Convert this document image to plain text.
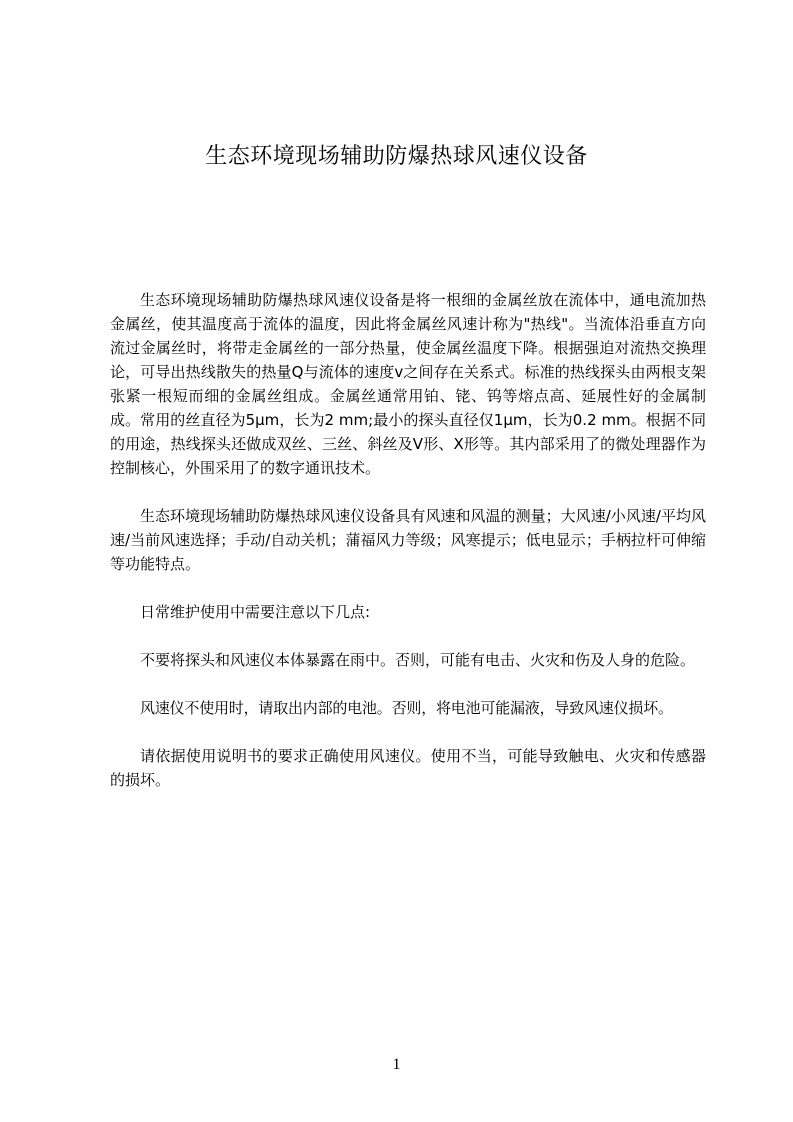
生态环境现场辅助防爆热球风速仪设备

生态环境现场辅助防爆热球风速仪设备是将一根细的金属丝放在流体中，通电流加热金属丝，使其温度高于流体的温度，因此将金属丝风速计称为"热线"。当流体沿垂直方向流过金属丝时，将带走金属丝的一部分热量，使金属丝温度下降。根据强迫对流热交换理论，可导出热线散失的热量Q与流体的速度v之间存在关系式。标准的热线探头由两根支架张紧一根短而细的金属丝组成。金属丝通常用铂、铑、钨等熔点高、延展性好的金属制成。常用的丝直径为5μm，长为2 mm;最小的探头直径仅1μm，长为0.2 mm。根据不同的用途，热线探头还做成双丝、三丝、斜丝及V形、X形等。其内部采用了的微处理器作为控制核心，外围采用了的数字通讯技术。

生态环境现场辅助防爆热球风速仪设备具有风速和风温的测量；大风速/小风速/平均风速/当前风速选择；手动/自动关机；蒲福风力等级；风寒提示；低电显示；手柄拉杆可伸缩等功能特点。

日常维护使用中需要注意以下几点:

不要将探头和风速仪本体暴露在雨中。否则，可能有电击、火灾和伤及人身的危险。

风速仪不使用时，请取出内部的电池。否则，将电池可能漏液，导致风速仪损坏。

请依据使用说明书的要求正确使用风速仪。使用不当，可能导致触电、火灾和传感器的损坏。

1
